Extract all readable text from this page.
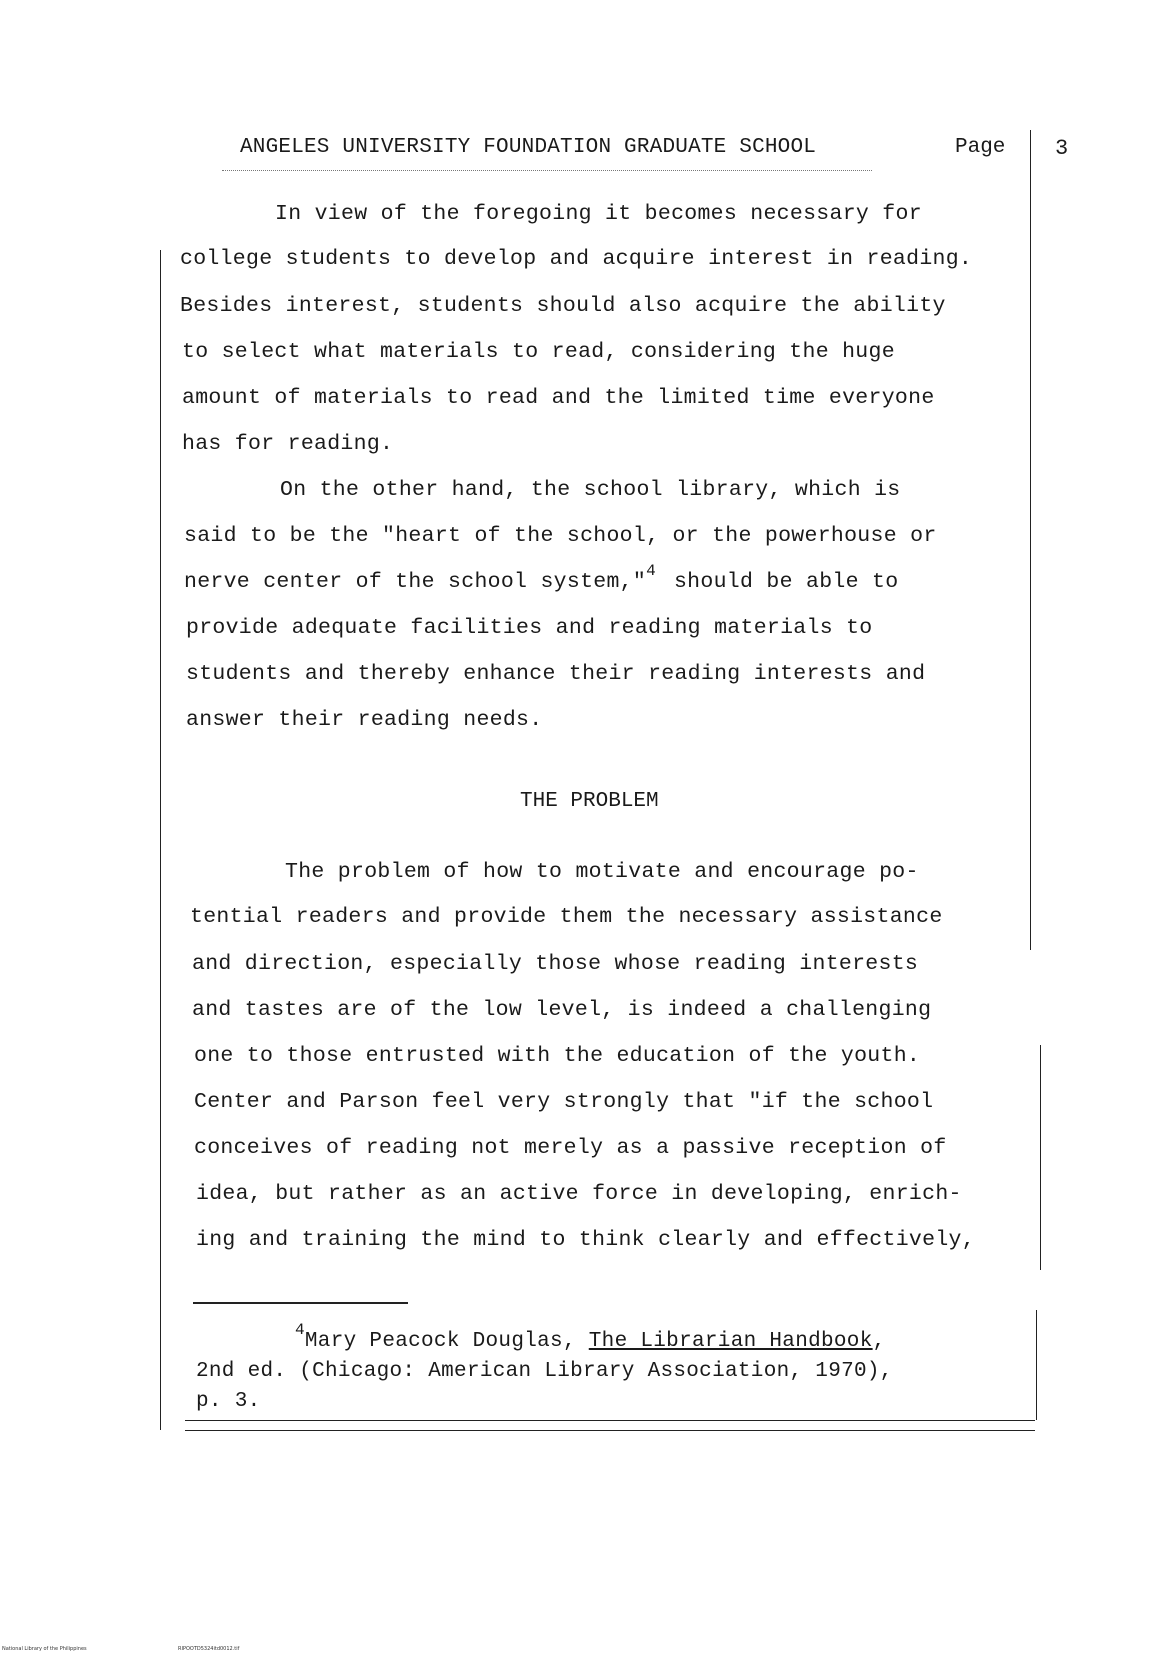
ANGELES UNIVERSITY FOUNDATION GRADUATE SCHOOL	Page 3
In view of the foregoing it becomes necessary for
college students to develop and acquire interest in reading.
Besides interest, students should also acquire the ability
to select what materials to read, considering the huge
amount of materials to read and the limited time everyone
has for reading.
On the other hand, the school library, which is
said to be the "heart of the school, or the powerhouse or
nerve center of the school system,"$^4$ should be able to
provide adequate facilities and reading materials to
students and thereby enhance their reading interests and
answer their reading needs.
THE PROBLEM
The problem of how to motivate and encourage po-
tential readers and provide them the necessary assistance
and direction, especially those whose reading interests
and tastes are of the low level, is indeed a challenging
one to those entrusted with the education of the youth.
Center and Parson feel very strongly that "if the school
conceives of reading not merely as a passive reception of
idea, but rather as an active force in developing, enrich-
ing and training the mind to think clearly and effectively,
$^4$Mary Peacock Douglas, The Librarian Handbook,
2nd ed. (Chicago: American Library Association, 1970),
p. 3.
National Library of the Philippines	RIPOOTD5324itd0012.tif
